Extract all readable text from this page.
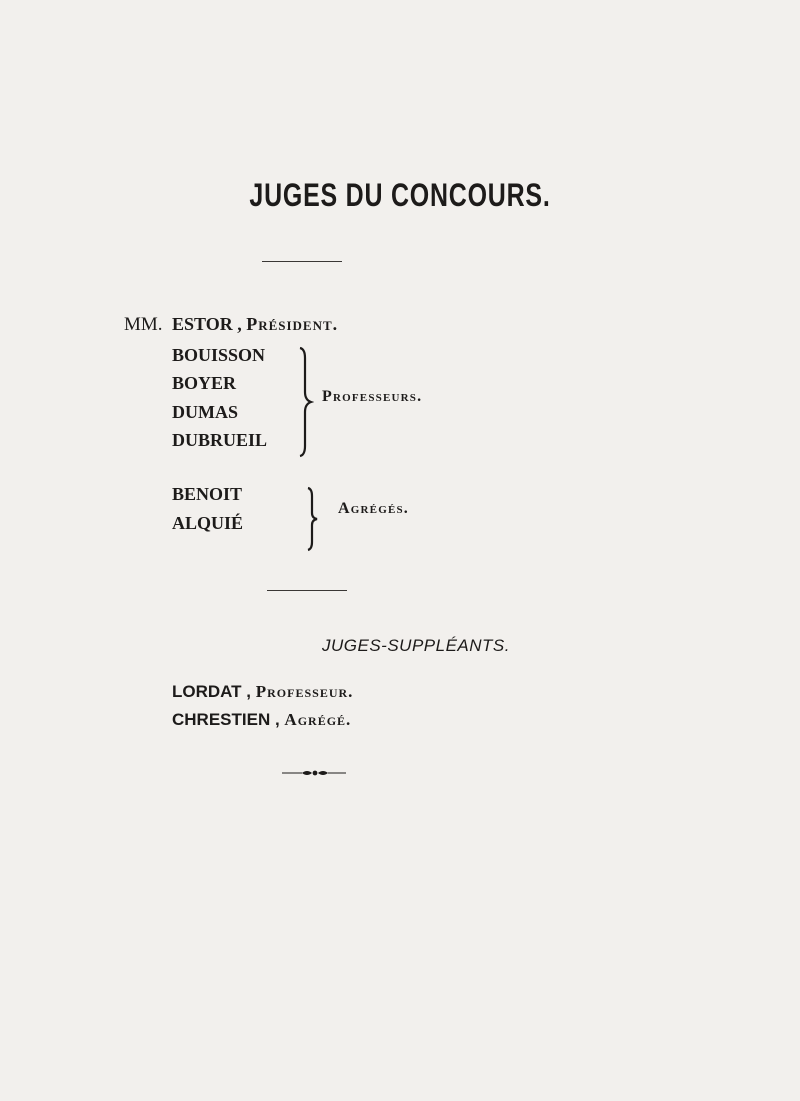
JUGES DU CONCOURS.
MM. ESTOR , Président.
BOUISSON
BOYER
DUMAS
DUBRUEIL
Professeurs.
BENOIT
ALQUIÉ
Agrégés.
JUGES-SUPPLÉANTS.
LORDAT , Professeur.
CHRESTIEN , Agrégé.
